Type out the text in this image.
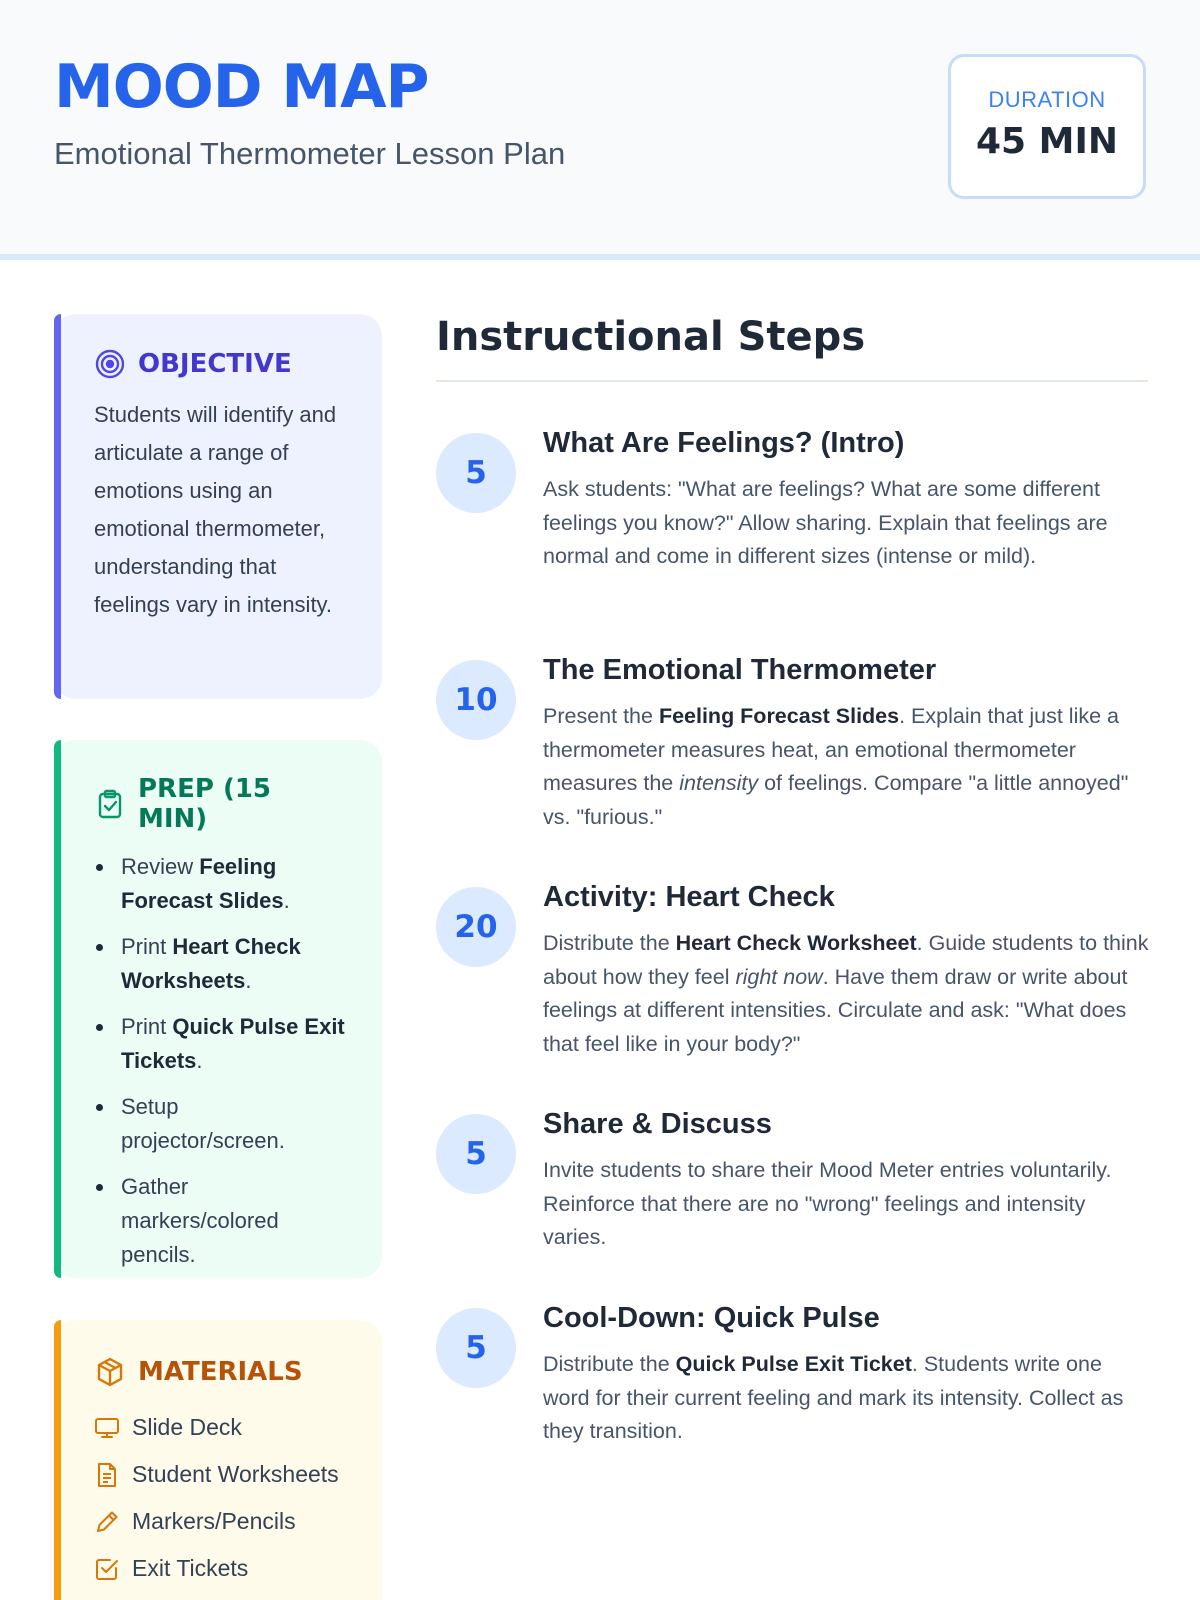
MOOD MAP
Emotional Thermometer Lesson Plan
DURATION
45 MIN
OBJECTIVE

Students will identify and articulate a range of emotions using an emotional thermometer, understanding that feelings vary in intensity.

PREP (15 MIN)
Review Feeling Forecast Slides.
Print Heart Check Worksheets.
Print Quick Pulse Exit Tickets.
Setup projector/screen.
Gather markers/colored pencils.
MATERIALS
Slide Deck
Student Worksheets
Markers/Pencils
Exit Tickets
Instructional Steps
5
What Are Feelings? (Intro)

Ask students: "What are feelings? What are some different feelings you know?" Allow sharing. Explain that feelings are normal and come in different sizes (intense or mild).

10
The Emotional Thermometer

Present the Feeling Forecast Slides. Explain that just like a thermometer measures heat, an emotional thermometer measures the intensity of feelings. Compare "a little annoyed" vs. "furious."

20
Activity: Heart Check

Distribute the Heart Check Worksheet. Guide students to think about how they feel right now. Have them draw or write about feelings at different intensities. Circulate and ask: "What does that feel like in your body?"

5
Share & Discuss

Invite students to share their Mood Meter entries voluntarily. Reinforce that there are no "wrong" feelings and intensity varies.

5
Cool-Down: Quick Pulse

Distribute the Quick Pulse Exit Ticket. Students write one word for their current feeling and mark its intensity. Collect as they transition.
